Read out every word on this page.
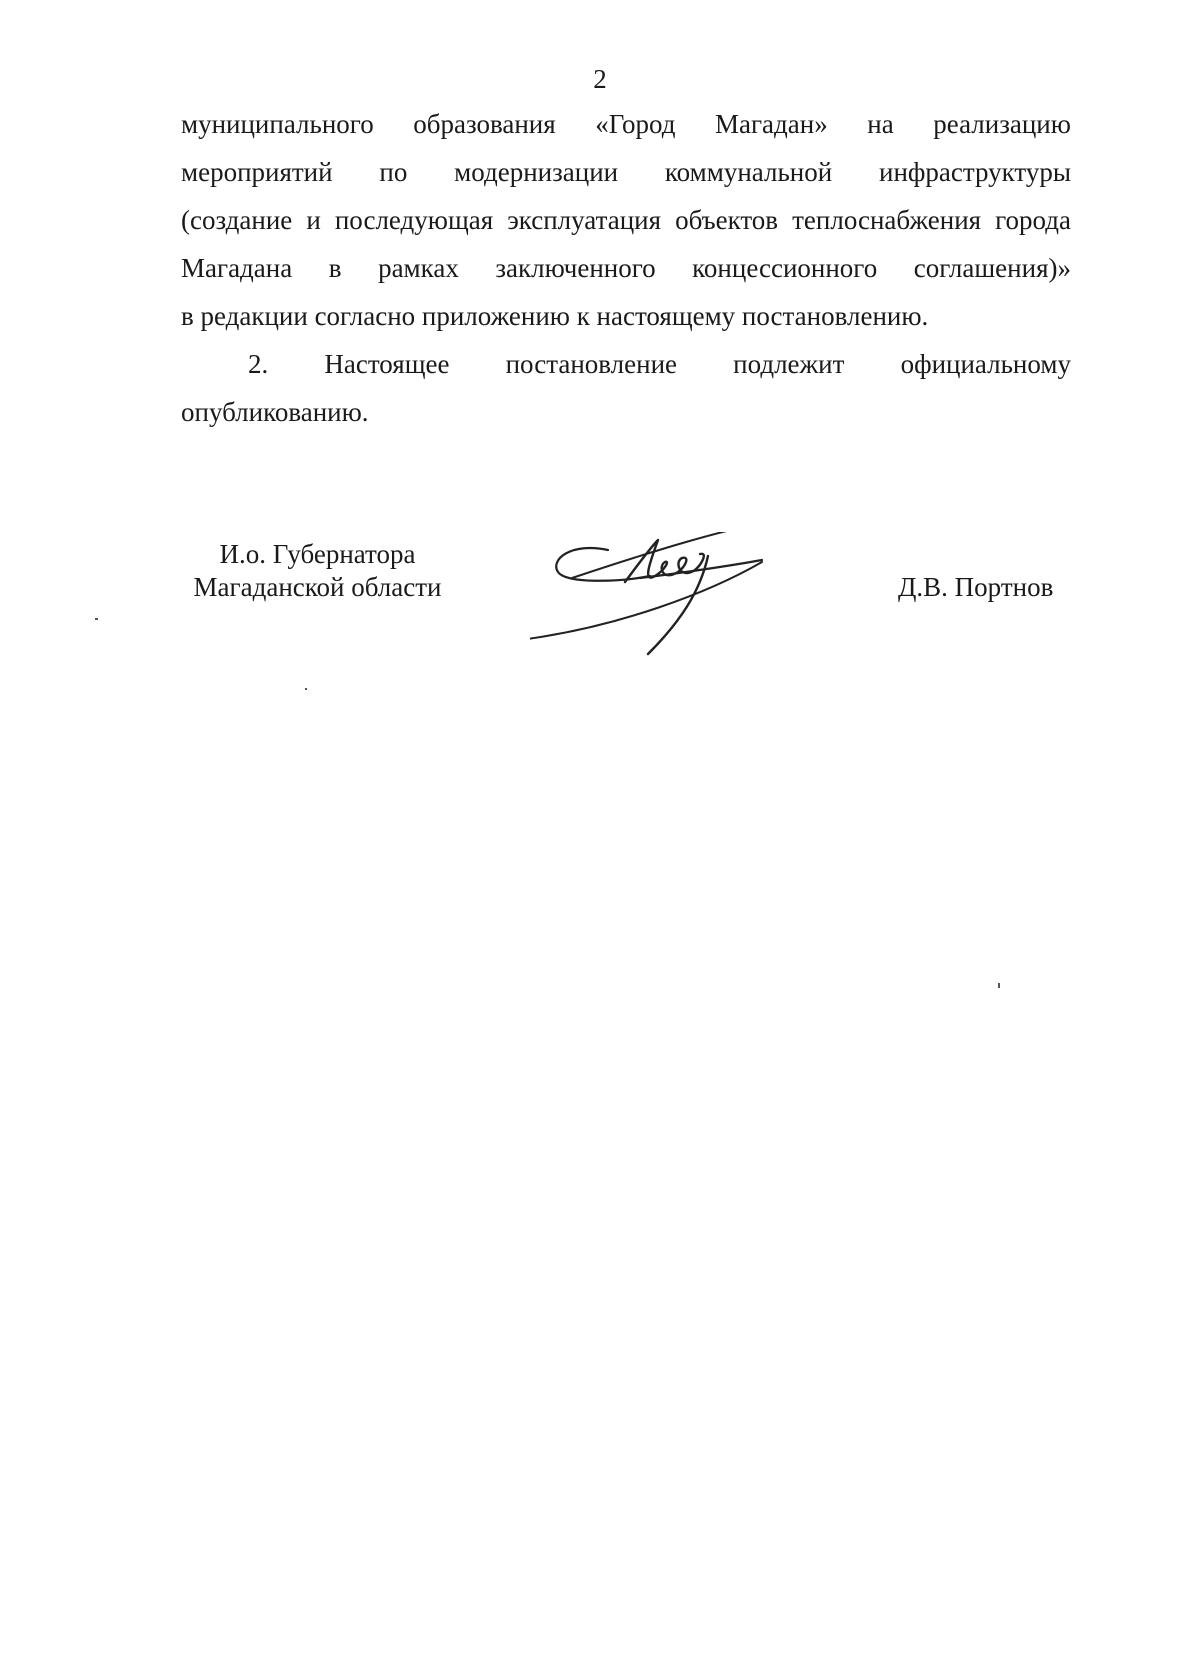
2
муниципального образования «Город Магадан» на реализацию
мероприятий по модернизации коммунальной инфраструктуры
(создание и последующая эксплуатация объектов теплоснабжения города
Магадана в рамках заключенного концессионного соглашения)»
в редакции согласно приложению к настоящему постановлению.
2. Настоящее постановление подлежит официальному
опубликованию.
И.о. Губернатора
Магаданской области	Д.В. Портнов
